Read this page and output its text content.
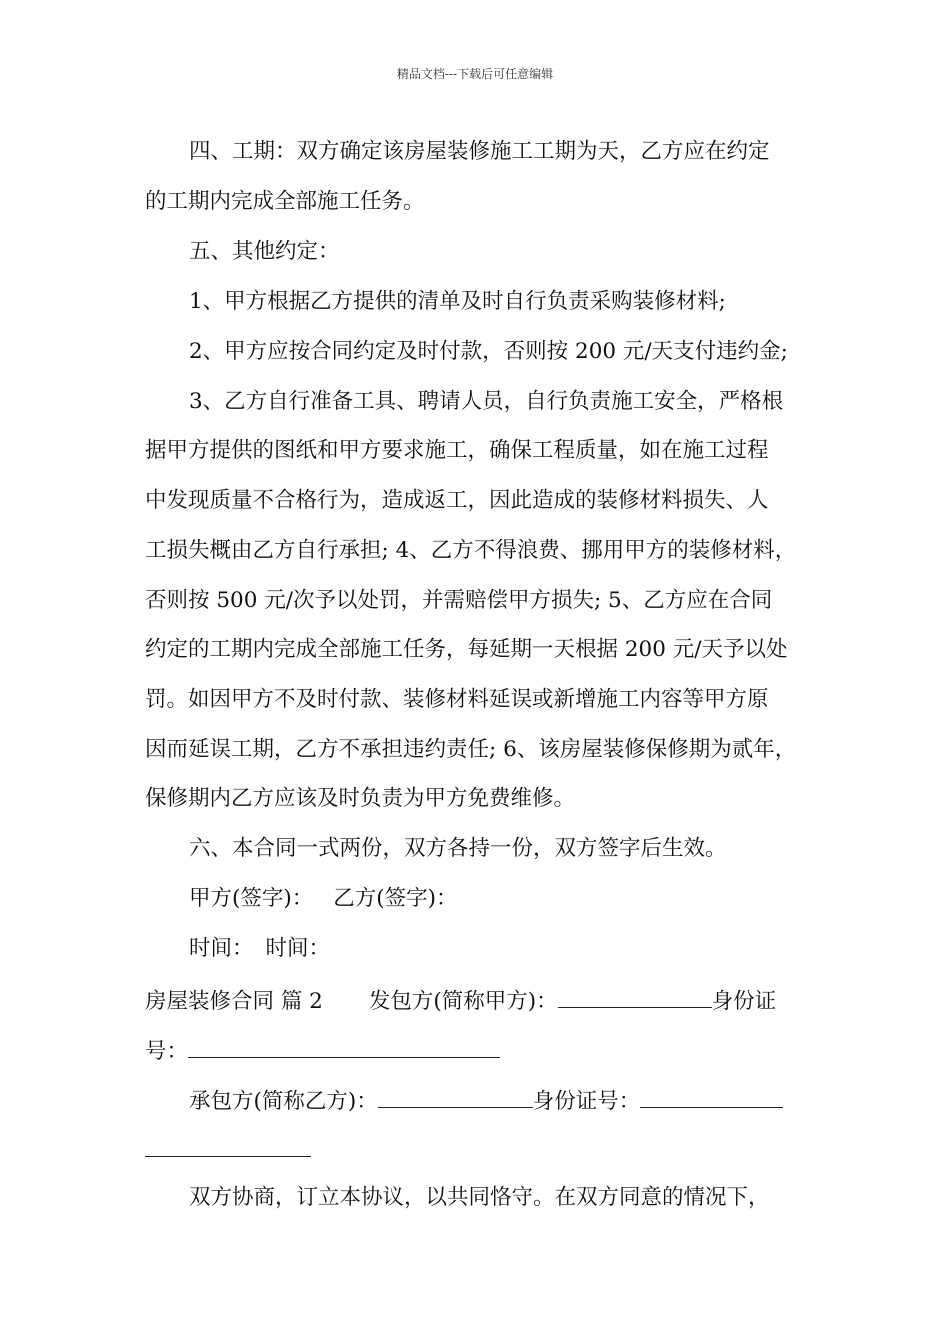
精品文档---下载后可任意编辑
四、工期：双方确定该房屋装修施工工期为天，乙方应在约定
的工期内完成全部施工任务。
五、其他约定：
1、甲方根据乙方提供的清单及时自行负责采购装修材料;
2、甲方应按合同约定及时付款，否则按 200 元/天支付违约金;
3、乙方自行准备工具、聘请人员，自行负责施工安全，严格根
据甲方提供的图纸和甲方要求施工，确保工程质量，如在施工过程
中发现质量不合格行为，造成返工，因此造成的装修材料损失、人
工损失概由乙方自行承担; 4、乙方不得浪费、挪用甲方的装修材料，
否则按 500 元/次予以处罚，并需赔偿甲方损失; 5、乙方应在合同
约定的工期内完成全部施工任务，每延期一天根据 200 元/天予以处
罚。如因甲方不及时付款、装修材料延误或新增施工内容等甲方原
因而延误工期，乙方不承担违约责任; 6、该房屋装修保修期为贰年，
保修期内乙方应该及时负责为甲方免费维修。
六、本合同一式两份，双方各持一份，双方签字后生效。
甲方(签字)： 乙方(签字)：
时间： 时间：
房屋装修合同 篇 2 发包方(简称甲方)：	身份证
号：
承包方(简称乙方)：	身份证号：
双方协商，订立本协议，以共同恪守。在双方同意的情况下，
